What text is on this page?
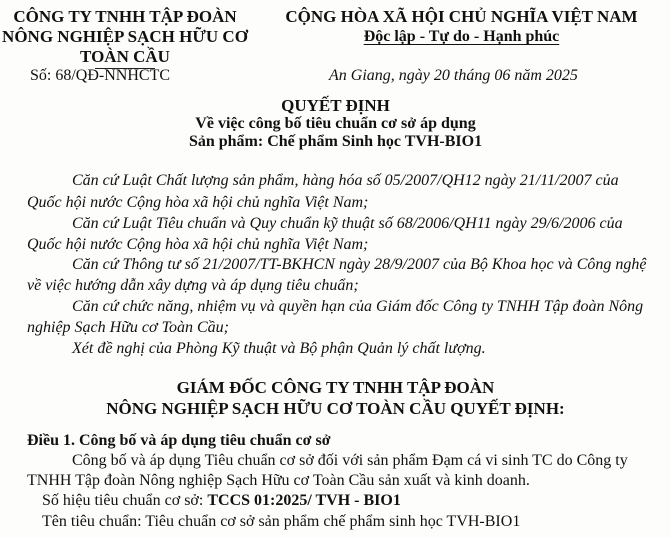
CÔNG TY TNHH TẬP ĐOÀN
NÔNG NGHIỆP SẠCH HỮU CƠ
TOÀN CẦU
Số: 68/QĐ-NNHCTC
CỘNG HÒA XÃ HỘI CHỦ NGHĨA VIỆT NAM
Độc lập - Tự do - Hạnh phúc
An Giang, ngày 20 tháng 06 năm 2025
QUYẾT ĐỊNH
Về việc công bố tiêu chuẩn cơ sở áp dụng
Sản phẩm: Chế phẩm Sinh học TVH-BIO1
Căn cứ Luật Chất lượng sản phẩm, hàng hóa số 05/2007/QH12 ngày 21/11/2007 của
Quốc hội nước Cộng hòa xã hội chủ nghĩa Việt Nam;
Căn cứ Luật Tiêu chuẩn và Quy chuẩn kỹ thuật số 68/2006/QH11 ngày 29/6/2006 của
Quốc hội nước Cộng hòa xã hội chủ nghĩa Việt Nam;
Căn cứ Thông tư số 21/2007/TT-BKHCN ngày 28/9/2007 của Bộ Khoa học và Công nghệ
về việc hướng dẫn xây dựng và áp dụng tiêu chuẩn;
Căn cứ chức năng, nhiệm vụ và quyền hạn của Giám đốc Công ty TNHH Tập đoàn Nông
nghiệp Sạch Hữu cơ Toàn Cầu;
Xét đề nghị của Phòng Kỹ thuật và Bộ phận Quản lý chất lượng.
GIÁM ĐỐC CÔNG TY TNHH TẬP ĐOÀN
NÔNG NGHIỆP SẠCH HỮU CƠ TOÀN CẦU QUYẾT ĐỊNH:
Điều 1. Công bố và áp dụng tiêu chuẩn cơ sở
Công bố và áp dụng Tiêu chuẩn cơ sở đối với sản phẩm Đạm cá vi sinh TC do Công ty
TNHH Tập đoàn Nông nghiệp Sạch Hữu cơ Toàn Cầu sản xuất và kinh doanh.
Số hiệu tiêu chuẩn cơ sở: TCCS 01:2025/ TVH - BIO1
Tên tiêu chuẩn: Tiêu chuẩn cơ sở sản phẩm chế phẩm sinh học TVH-BIO1
